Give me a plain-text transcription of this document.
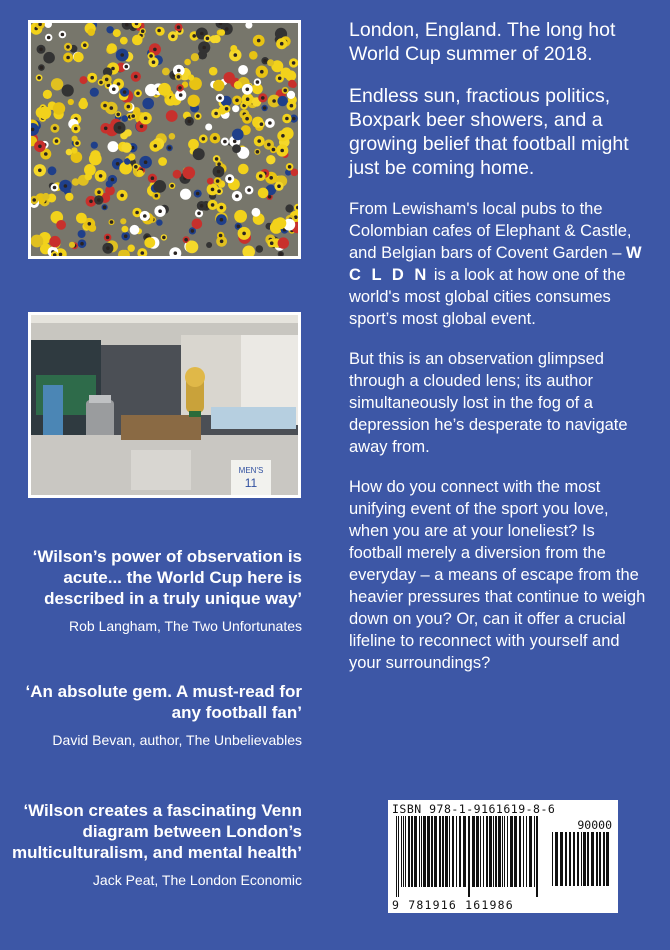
MEN'S
11

London, England. The long hot World Cup summer of 2018.

Endless sun, fractious politics, Boxpark beer showers, and a growing belief that football might just be coming home.

From Lewisham's local pubs to the Colombian cafes of Elephant & Castle, and Belgian bars of Covent Garden – W C L D N is a look at how one of the world's most global cities consumes sport’s most global event.

But this is an observation glimpsed through a clouded lens; its author simultaneously lost in the fog of a depression he’s desperate to navigate away from.

How do you connect with the most unifying event of the sport you love, when you are at your loneliest? Is football merely a diversion from the everyday – a means of escape from the heavier pressures that continue to weigh down on you? Or, can it offer a crucial lifeline to reconnect with yourself and your surroundings?

‘Wilson’s power of observation is acute... the World Cup here is described in a truly unique way’

Rob Langham, The Two Unfortunates

‘An absolute gem. A must-read for any football fan’

David Bevan, author, The Unbelievables

‘Wilson creates a fascinating Venn diagram between London’s multiculturalism, and mental health’

Jack Peat, The London Economic

ISBN 978-1-9161619-8-6
90000
9 781916 161986
